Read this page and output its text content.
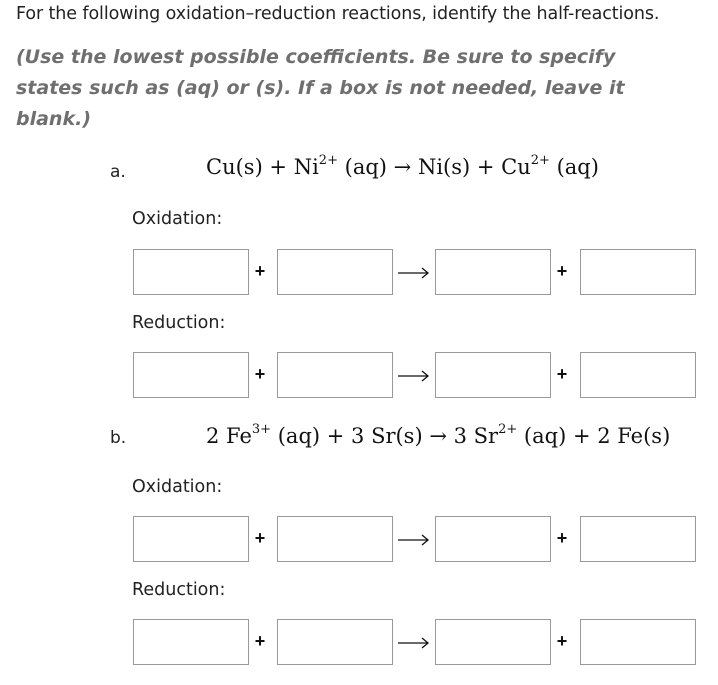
For the following oxidation–reduction reactions, identify the half-reactions.
(Use the lowest possible coefficients. Be sure to specify states such as (aq) or (s). If a box is not needed, leave it blank.)
a.	$Cu(s) + Ni^{2+}$ $(aq) \to Ni(s) + Cu^{2+}$ (aq)
Oxidation:
+	+
Reduction:
+	+
b.	2 $Fe^{3+}$ (aq) + 3 Sr(s) → 3 $Sr^{2+}$ (aq) + 2 Fe(s)
Oxidation:
+	+
Reduction:
+	+
